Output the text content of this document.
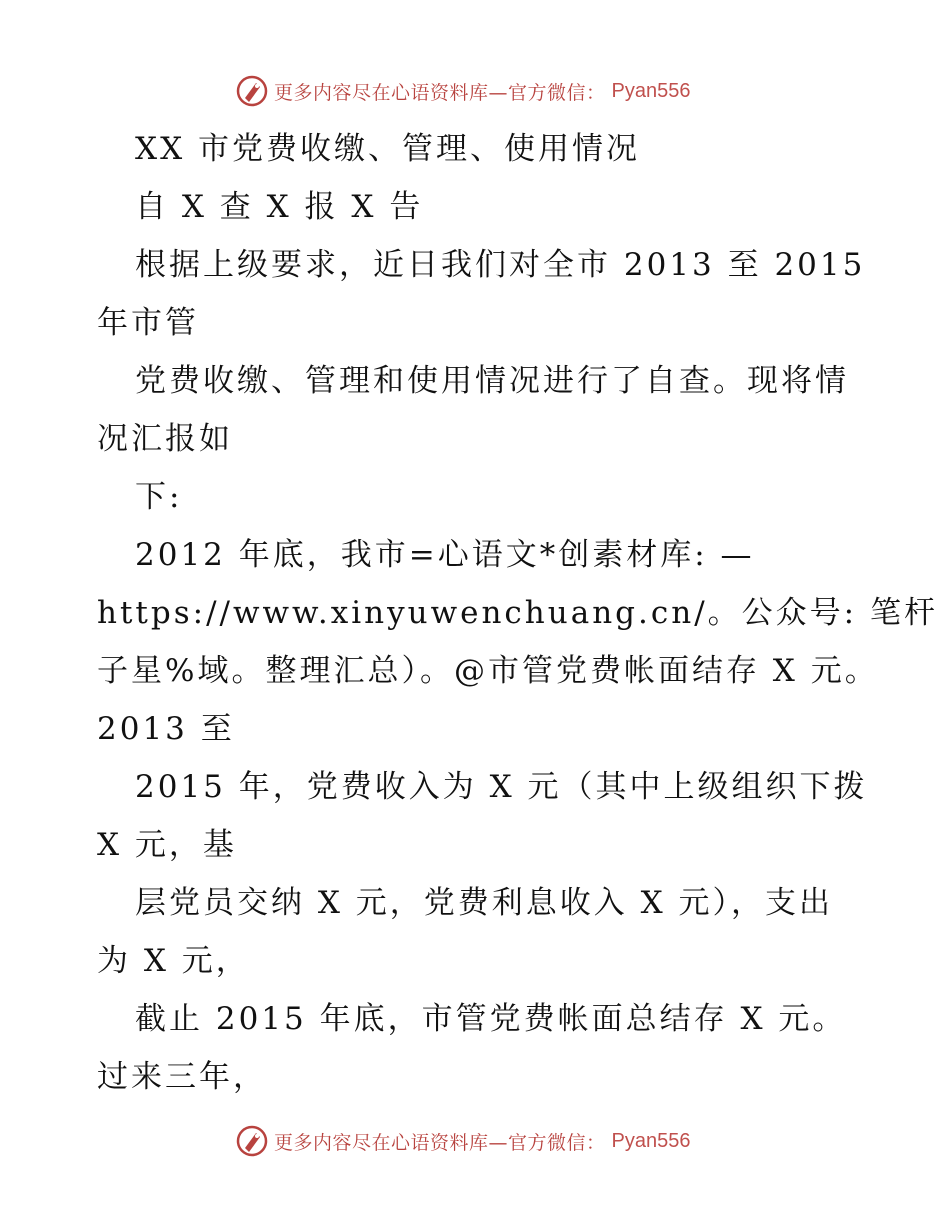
更多内容尽在心语资料库—官方微信： Pyan556
XX 市党费收缴、管理、使用情况
自 X 查 X 报 X 告
根据上级要求，近日我们对全市 2013 至 2015
年市管
党费收缴、管理和使用情况进行了自查。现将情
况汇报如
下:
2012 年底，我市=心语文*创素材库: —
https://www.xinyuwenchuang.cn/。公众号: 笔杆
子星%域。整理汇总）。@市管党费帐面结存 X 元。
2013 至
2015 年，党费收入为 X 元（其中上级组织下拨
X 元，基
层党员交纳 X 元，党费利息收入 X 元），支出
为 X 元，
截止 2015 年底，市管党费帐面总结存 X 元。
过来三年，
更多内容尽在心语资料库—官方微信： Pyan556
